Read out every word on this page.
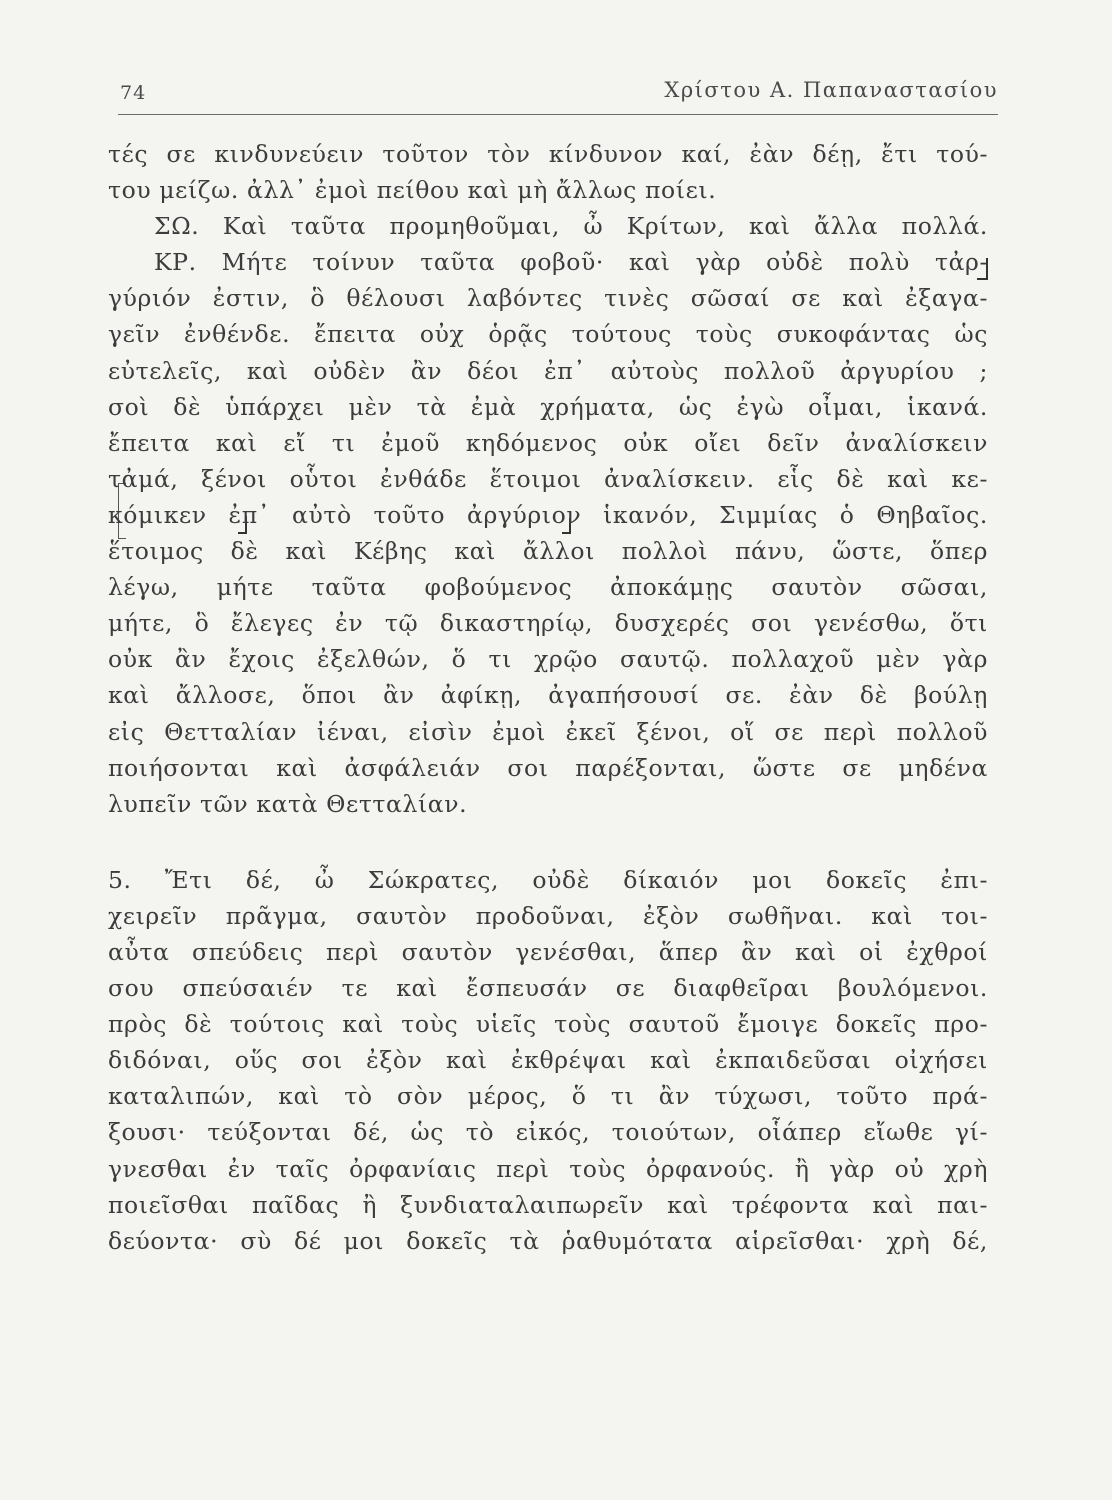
74	Χρίστου Α. Παπαναστασίου
τές σε κινδυνεύειν τοῦτον τὸν κίνδυνον καί, ἐὰν δέῃ, ἔτι τού-
του μείζω. ἀλλ᾽ ἐμοὶ πείθου καὶ μὴ ἄλλως ποίει.
ΣΩ. Καὶ ταῦτα προμηθοῦμαι, ὦ Κρίτων, καὶ ἄλλα πολλά.
ΚΡ. Μήτε τοίνυν ταῦτα φοβοῦ· καὶ γὰρ οὐδὲ πολὺ τἀρ-
γύριόν ἐστιν, ὃ θέλουσι λαβόντες τινὲς σῶσαί σε καὶ ἐξαγα-
γεῖν ἐνθένδε. ἔπειτα οὐχ ὁρᾷς τούτους τοὺς συκοφάντας ὡς
εὐτελεῖς, καὶ οὐδὲν ἂν δέοι ἐπ᾽ αὐτοὺς πολλοῦ ἀργυρίου ;
σοὶ δὲ ὑπάρχει μὲν τὰ ἐμὰ χρήματα, ὡς ἐγὼ οἶμαι, ἱκανά.
ἔπειτα καὶ εἴ τι ἐμοῦ κηδόμενος οὐκ οἴει δεῖν ἀναλίσκειν
τἀμά, ξένοι οὗτοι ἐνθάδε ἕτοιμοι ἀναλίσκειν. εἷς δὲ καὶ κε-
κόμικεν ἐπ᾽ αὐτὸ τοῦτο ἀργύριον ἱκανόν, Σιμμίας ὁ Θηβαῖος.
ἕτοιμος δὲ καὶ Κέβης καὶ ἄλλοι πολλοὶ πάνυ, ὥστε, ὅπερ
λέγω, μήτε ταῦτα φοβούμενος ἀποκάμῃς σαυτὸν σῶσαι,
μήτε, ὃ ἔλεγες ἐν τῷ δικαστηρίῳ, δυσχερές σοι γενέσθω, ὅτι
οὐκ ἂν ἔχοις ἐξελθών, ὅ τι χρῷο σαυτῷ. πολλαχοῦ μὲν γὰρ
καὶ ἄλλοσε, ὅποι ἂν ἀφίκῃ, ἀγαπήσουσί σε. ἐὰν δὲ βούλῃ
εἰς Θετταλίαν ἰέναι, εἰσὶν ἐμοὶ ἐκεῖ ξένοι, οἵ σε περὶ πολλοῦ
ποιήσονται καὶ ἀσφάλειάν σοι παρέξονται, ὥστε σε μηδένα
λυπεῖν τῶν κατὰ Θετταλίαν.
5. Ἔτι δέ, ὦ Σώκρατες, οὐδὲ δίκαιόν μοι δοκεῖς ἐπι-
χειρεῖν πρᾶγμα, σαυτὸν προδοῦναι, ἐξὸν σωθῆναι. καὶ τοι-
αὖτα σπεύδεις περὶ σαυτὸν γενέσθαι, ἅπερ ἂν καὶ οἱ ἐχθροί
σου σπεύσαιέν τε καὶ ἔσπευσάν σε διαφθεῖραι βουλόμενοι.
πρὸς δὲ τούτοις καὶ τοὺς υἱεῖς τοὺς σαυτοῦ ἔμοιγε δοκεῖς προ-
διδόναι, οὕς σοι ἐξὸν καὶ ἐκθρέψαι καὶ ἐκπαιδεῦσαι οἰχήσει
καταλιπών, καὶ τὸ σὸν μέρος, ὅ τι ἂν τύχωσι, τοῦτο πρά-
ξουσι· τεύξονται δέ, ὡς τὸ εἰκός, τοιούτων, οἷάπερ εἴωθε γί-
γνεσθαι ἐν ταῖς ὀρφανίαις περὶ τοὺς ὀρφανούς. ἢ γὰρ οὐ χρὴ
ποιεῖσθαι παῖδας ἢ ξυνδιαταλαιπωρεῖν καὶ τρέφοντα καὶ παι-
δεύοντα· σὺ δέ μοι δοκεῖς τὰ ῥαθυμότατα αἱρεῖσθαι· χρὴ δέ,
